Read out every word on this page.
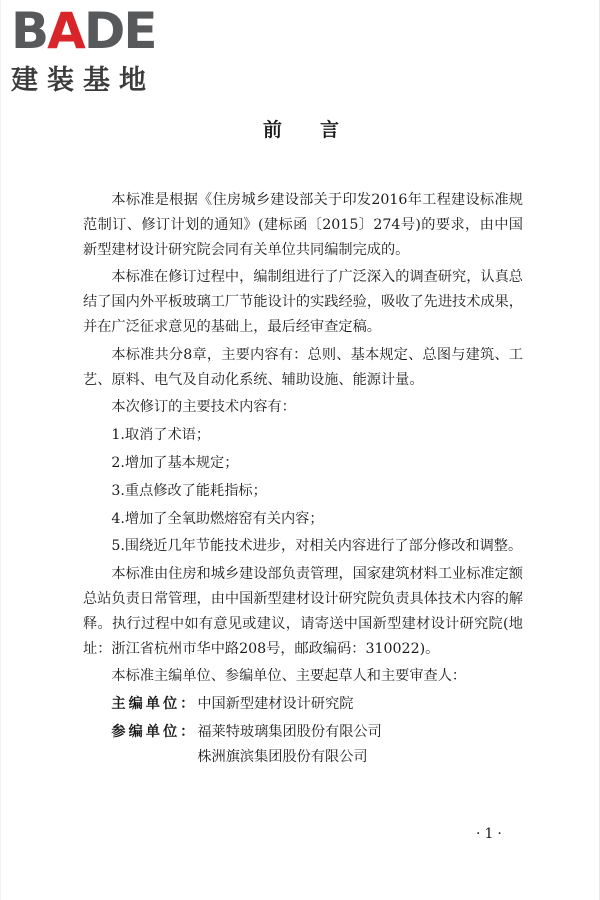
BADE
建装基地
前言

本标准是根据《住房城乡建设部关于印发2016年工程建设标准规范制订、修订计划的通知》(建标函〔2015〕274号)的要求，由中国新型建材设计研究院会同有关单位共同编制完成的。

本标准在修订过程中，编制组进行了广泛深入的调查研究，认真总结了国内外平板玻璃工厂节能设计的实践经验，吸收了先进技术成果，并在广泛征求意见的基础上，最后经审查定稿。

本标准共分8章，主要内容有：总则、基本规定、总图与建筑、工艺、原料、电气及自动化系统、辅助设施、能源计量。

本次修订的主要技术内容有：

1.取消了术语；

2.增加了基本规定；

3.重点修改了能耗指标；

4.增加了全氧助燃熔窑有关内容；

5.围绕近几年节能技术进步，对相关内容进行了部分修改和调整。

本标准由住房和城乡建设部负责管理，国家建筑材料工业标准定额总站负责日常管理，由中国新型建材设计研究院负责具体技术内容的解释。执行过程中如有意见或建议，请寄送中国新型建材设计研究院(地址：浙江省杭州市华中路208号，邮政编码：310022)。

本标准主编单位、参编单位、主要起草人和主要审查人：

主编单位： 中国新型建材设计研究院
参编单位： 福莱特玻璃集团股份有限公司
株洲旗滨集团股份有限公司
·1·
